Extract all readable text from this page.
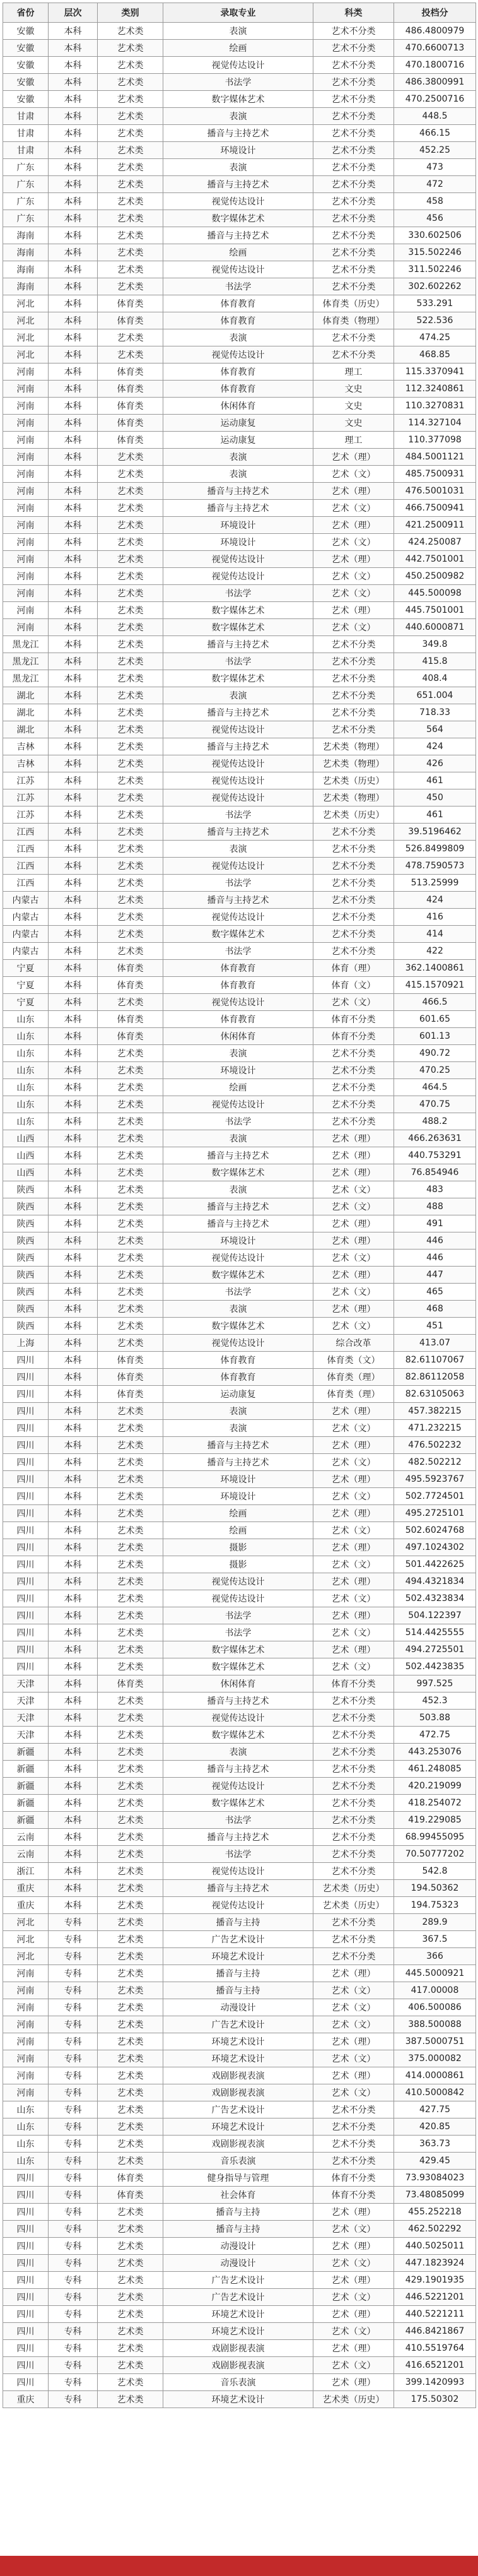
省份	层次	类别	录取专业	科类	投档分
安徽	本科	艺术类	表演	艺术不分类	486.4800979
安徽	本科	艺术类	绘画	艺术不分类	470.6600713
安徽	本科	艺术类	视觉传达设计	艺术不分类	470.1800716
安徽	本科	艺术类	书法学	艺术不分类	486.3800991
安徽	本科	艺术类	数字媒体艺术	艺术不分类	470.2500716
甘肃	本科	艺术类	表演	艺术不分类	448.5
甘肃	本科	艺术类	播音与主持艺术	艺术不分类	466.15
甘肃	本科	艺术类	环境设计	艺术不分类	452.25
广东	本科	艺术类	表演	艺术不分类	473
广东	本科	艺术类	播音与主持艺术	艺术不分类	472
广东	本科	艺术类	视觉传达设计	艺术不分类	458
广东	本科	艺术类	数字媒体艺术	艺术不分类	456
海南	本科	艺术类	播音与主持艺术	艺术不分类	330.602506
海南	本科	艺术类	绘画	艺术不分类	315.502246
海南	本科	艺术类	视觉传达设计	艺术不分类	311.502246
海南	本科	艺术类	书法学	艺术不分类	302.602262
河北	本科	体育类	体育教育	体育类（历史）	533.291
河北	本科	体育类	体育教育	体育类（物理）	522.536
河北	本科	艺术类	表演	艺术不分类	474.25
河北	本科	艺术类	视觉传达设计	艺术不分类	468.85
河南	本科	体育类	体育教育	理工	115.3370941
河南	本科	体育类	体育教育	文史	112.3240861
河南	本科	体育类	休闲体育	文史	110.3270831
河南	本科	体育类	运动康复	文史	114.327104
河南	本科	体育类	运动康复	理工	110.377098
河南	本科	艺术类	表演	艺术（理）	484.5001121
河南	本科	艺术类	表演	艺术（文）	485.7500931
河南	本科	艺术类	播音与主持艺术	艺术（理）	476.5001031
河南	本科	艺术类	播音与主持艺术	艺术（文）	466.7500941
河南	本科	艺术类	环境设计	艺术（理）	421.2500911
河南	本科	艺术类	环境设计	艺术（文）	424.250087
河南	本科	艺术类	视觉传达设计	艺术（理）	442.7501001
河南	本科	艺术类	视觉传达设计	艺术（文）	450.2500982
河南	本科	艺术类	书法学	艺术（文）	445.500098
河南	本科	艺术类	数字媒体艺术	艺术（理）	445.7501001
河南	本科	艺术类	数字媒体艺术	艺术（文）	440.6000871
黑龙江	本科	艺术类	播音与主持艺术	艺术不分类	349.8
黑龙江	本科	艺术类	书法学	艺术不分类	415.8
黑龙江	本科	艺术类	数字媒体艺术	艺术不分类	408.4
湖北	本科	艺术类	表演	艺术不分类	651.004
湖北	本科	艺术类	播音与主持艺术	艺术不分类	718.33
湖北	本科	艺术类	视觉传达设计	艺术不分类	564
吉林	本科	艺术类	播音与主持艺术	艺术类（物理）	424
吉林	本科	艺术类	视觉传达设计	艺术类（物理）	426
江苏	本科	艺术类	视觉传达设计	艺术类（历史）	461
江苏	本科	艺术类	视觉传达设计	艺术类（物理）	450
江苏	本科	艺术类	书法学	艺术类（历史）	461
江西	本科	艺术类	播音与主持艺术	艺术不分类	39.5196462
江西	本科	艺术类	表演	艺术不分类	526.8499809
江西	本科	艺术类	视觉传达设计	艺术不分类	478.7590573
江西	本科	艺术类	书法学	艺术不分类	513.25999
内蒙古	本科	艺术类	播音与主持艺术	艺术不分类	424
内蒙古	本科	艺术类	视觉传达设计	艺术不分类	416
内蒙古	本科	艺术类	数字媒体艺术	艺术不分类	414
内蒙古	本科	艺术类	书法学	艺术不分类	422
宁夏	本科	体育类	体育教育	体育（理）	362.1400861
宁夏	本科	体育类	体育教育	体育（文）	415.1570921
宁夏	本科	艺术类	视觉传达设计	艺术（文）	466.5
山东	本科	体育类	体育教育	体育不分类	601.65
山东	本科	体育类	休闲体育	体育不分类	601.13
山东	本科	艺术类	表演	艺术不分类	490.72
山东	本科	艺术类	环境设计	艺术不分类	470.25
山东	本科	艺术类	绘画	艺术不分类	464.5
山东	本科	艺术类	视觉传达设计	艺术不分类	470.75
山东	本科	艺术类	书法学	艺术不分类	488.2
山西	本科	艺术类	表演	艺术（理）	466.263631
山西	本科	艺术类	播音与主持艺术	艺术（理）	440.753291
山西	本科	艺术类	数字媒体艺术	艺术（理）	76.854946
陕西	本科	艺术类	表演	艺术（文）	483
陕西	本科	艺术类	播音与主持艺术	艺术（文）	488
陕西	本科	艺术类	播音与主持艺术	艺术（理）	491
陕西	本科	艺术类	环境设计	艺术（理）	446
陕西	本科	艺术类	视觉传达设计	艺术（文）	446
陕西	本科	艺术类	数字媒体艺术	艺术（理）	447
陕西	本科	艺术类	书法学	艺术（文）	465
陕西	本科	艺术类	表演	艺术（理）	468
陕西	本科	艺术类	数字媒体艺术	艺术（文）	451
上海	本科	艺术类	视觉传达设计	综合改革	413.07
四川	本科	体育类	体育教育	体育类（文）	82.61107067
四川	本科	体育类	体育教育	体育类（理）	82.86112058
四川	本科	体育类	运动康复	体育类（理）	82.63105063
四川	本科	艺术类	表演	艺术（理）	457.382215
四川	本科	艺术类	表演	艺术（文）	471.232215
四川	本科	艺术类	播音与主持艺术	艺术（理）	476.502232
四川	本科	艺术类	播音与主持艺术	艺术（文）	482.502212
四川	本科	艺术类	环境设计	艺术（理）	495.5923767
四川	本科	艺术类	环境设计	艺术（文）	502.7724501
四川	本科	艺术类	绘画	艺术（理）	495.2725101
四川	本科	艺术类	绘画	艺术（文）	502.6024768
四川	本科	艺术类	摄影	艺术（理）	497.1024302
四川	本科	艺术类	摄影	艺术（文）	501.4422625
四川	本科	艺术类	视觉传达设计	艺术（理）	494.4321834
四川	本科	艺术类	视觉传达设计	艺术（文）	502.4323834
四川	本科	艺术类	书法学	艺术（理）	504.122397
四川	本科	艺术类	书法学	艺术（文）	514.4425555
四川	本科	艺术类	数字媒体艺术	艺术（理）	494.2725501
四川	本科	艺术类	数字媒体艺术	艺术（文）	502.4423835
天津	本科	体育类	休闲体育	体育不分类	997.525
天津	本科	艺术类	播音与主持艺术	艺术不分类	452.3
天津	本科	艺术类	视觉传达设计	艺术不分类	503.88
天津	本科	艺术类	数字媒体艺术	艺术不分类	472.75
新疆	本科	艺术类	表演	艺术不分类	443.253076
新疆	本科	艺术类	播音与主持艺术	艺术不分类	461.248085
新疆	本科	艺术类	视觉传达设计	艺术不分类	420.219099
新疆	本科	艺术类	数字媒体艺术	艺术不分类	418.254072
新疆	本科	艺术类	书法学	艺术不分类	419.229085
云南	本科	艺术类	播音与主持艺术	艺术不分类	68.99455095
云南	本科	艺术类	书法学	艺术不分类	70.50777202
浙江	本科	艺术类	视觉传达设计	艺术不分类	542.8
重庆	本科	艺术类	播音与主持艺术	艺术类（历史）	194.50362
重庆	本科	艺术类	视觉传达设计	艺术类（历史）	194.75323
河北	专科	艺术类	播音与主持	艺术不分类	289.9
河北	专科	艺术类	广告艺术设计	艺术不分类	367.5
河北	专科	艺术类	环境艺术设计	艺术不分类	366
河南	专科	艺术类	播音与主持	艺术（理）	445.5000921
河南	专科	艺术类	播音与主持	艺术（文）	417.00008
河南	专科	艺术类	动漫设计	艺术（文）	406.500086
河南	专科	艺术类	广告艺术设计	艺术（文）	388.500088
河南	专科	艺术类	环境艺术设计	艺术（理）	387.5000751
河南	专科	艺术类	环境艺术设计	艺术（文）	375.000082
河南	专科	艺术类	戏剧影视表演	艺术（理）	414.0000861
河南	专科	艺术类	戏剧影视表演	艺术（文）	410.5000842
山东	专科	艺术类	广告艺术设计	艺术不分类	427.75
山东	专科	艺术类	环境艺术设计	艺术不分类	420.85
山东	专科	艺术类	戏剧影视表演	艺术不分类	363.73
山东	专科	艺术类	音乐表演	艺术不分类	429.45
四川	专科	体育类	健身指导与管理	体育不分类	73.93084023
四川	专科	体育类	社会体育	体育不分类	73.48085099
四川	专科	艺术类	播音与主持	艺术（理）	455.252218
四川	专科	艺术类	播音与主持	艺术（文）	462.502292
四川	专科	艺术类	动漫设计	艺术（理）	440.5025011
四川	专科	艺术类	动漫设计	艺术（文）	447.1823924
四川	专科	艺术类	广告艺术设计	艺术（理）	429.1901935
四川	专科	艺术类	广告艺术设计	艺术（文）	446.5221201
四川	专科	艺术类	环境艺术设计	艺术（理）	440.5221211
四川	专科	艺术类	环境艺术设计	艺术（文）	446.8421867
四川	专科	艺术类	戏剧影视表演	艺术（理）	410.5519764
四川	专科	艺术类	戏剧影视表演	艺术（文）	416.6521201
四川	专科	艺术类	音乐表演	艺术（理）	399.1420993
重庆	专科	艺术类	环境艺术设计	艺术类（历史）	175.50302
